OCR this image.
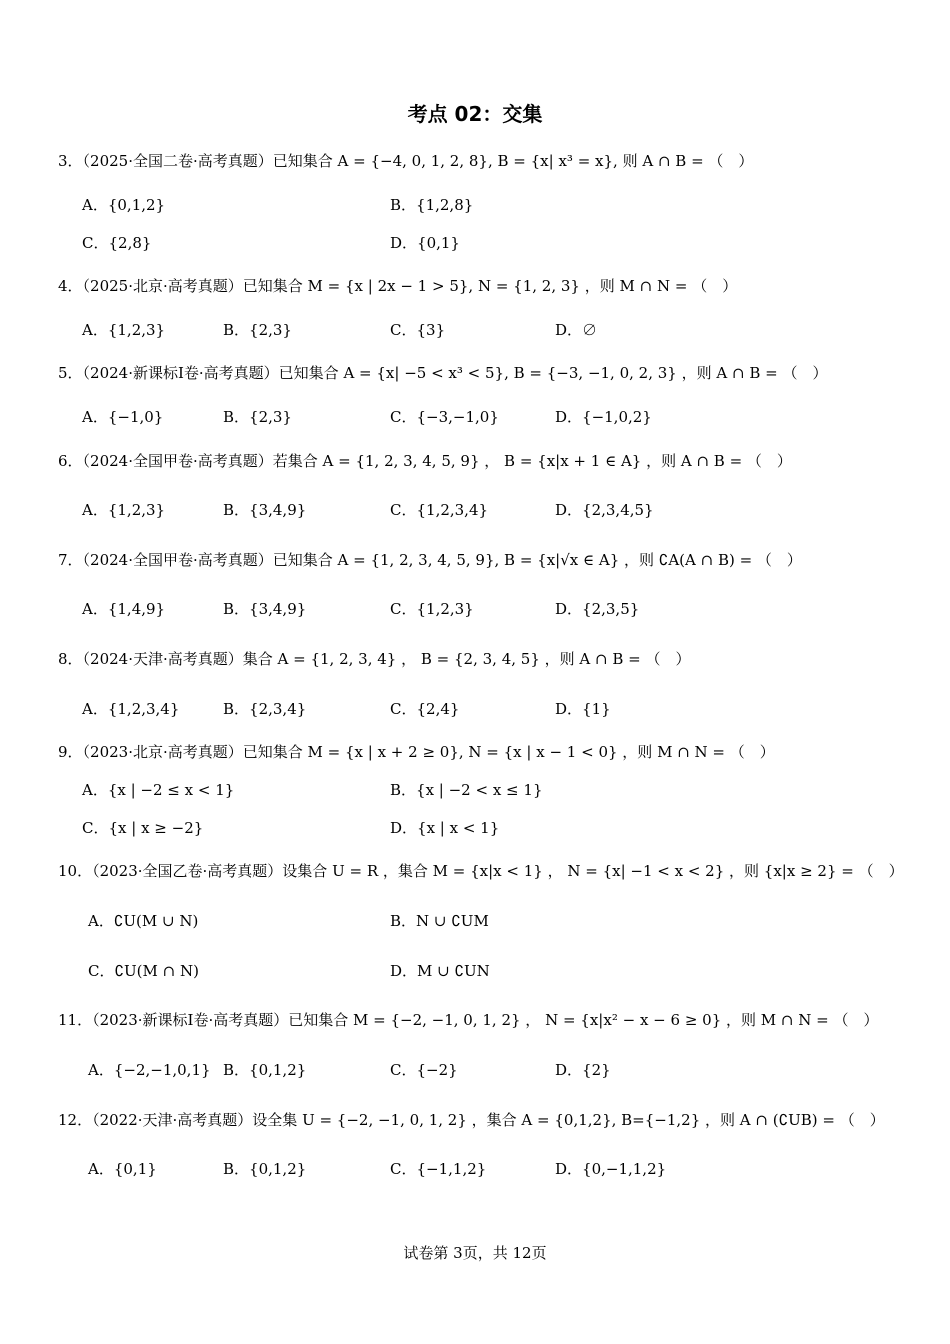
考点 02：交集
3．（2025·全国二卷·高考真题）已知集合 A = {−4, 0, 1, 2, 8}, B = {x| x³ = x}, 则 A ∩ B = （　）
A．{0,1,2}	B．{1,2,8}
C．{2,8}	D．{0,1}
4．（2025·北京·高考真题）已知集合 M = {x | 2x − 1 > 5}, N = {1, 2, 3} ，则 M ∩ N = （　）
A．{1,2,3}	B．{2,3}	C．{3}	D．∅
5．（2024·新课标Ⅰ卷·高考真题）已知集合 A = {x| −5 < x³ < 5}, B = {−3, −1, 0, 2, 3} ，则 A ∩ B = （　）
A．{−1,0}	B．{2,3}	C．{−3,−1,0}	D．{−1,0,2}
6．（2024·全国甲卷·高考真题）若集合 A = {1, 2, 3, 4, 5, 9} ， B = {x|x + 1 ∈ A} ，则 A ∩ B = （　）
A．{1,2,3}	B．{3,4,9}	C．{1,2,3,4}	D．{2,3,4,5}
7．（2024·全国甲卷·高考真题）已知集合 A = {1, 2, 3, 4, 5, 9}, B = {x|√x ∈ A} ，则 ∁A(A ∩ B) = （　）
A．{1,4,9}	B．{3,4,9}	C．{1,2,3}	D．{2,3,5}
8．（2024·天津·高考真题）集合 A = {1, 2, 3, 4} ， B = {2, 3, 4, 5} ，则 A ∩ B = （　）
A．{1,2,3,4}	B．{2,3,4}	C．{2,4}	D．{1}
9．（2023·北京·高考真题）已知集合 M = {x | x + 2 ≥ 0}, N = {x | x − 1 < 0} ，则 M ∩ N = （　）
A．{x | −2 ≤ x < 1}	B．{x | −2 < x ≤ 1}
C．{x | x ≥ −2}	D．{x | x < 1}
10．（2023·全国乙卷·高考真题）设集合 U = R ，集合 M = {x|x < 1} ， N = {x| −1 < x < 2} ，则 {x|x ≥ 2} = （　）
A．∁U(M ∪ N)	B．N ∪ ∁UM
C．∁U(M ∩ N)	D．M ∪ ∁UN
11．（2023·新课标Ⅰ卷·高考真题）已知集合 M = {−2, −1, 0, 1, 2} ， N = {x|x² − x − 6 ≥ 0} ，则 M ∩ N = （　）
A．{−2,−1,0,1} B．{0,1,2}	C．{−2}	D．{2}
12．（2022·天津·高考真题）设全集 U = {−2, −1, 0, 1, 2} ，集合 A = {0,1,2}, B={−1,2} ，则 A ∩ (∁UB) = （　）
A．{0,1}	B．{0,1,2}	C．{−1,1,2}	D．{0,−1,1,2}
试卷第 3页，共 12页
